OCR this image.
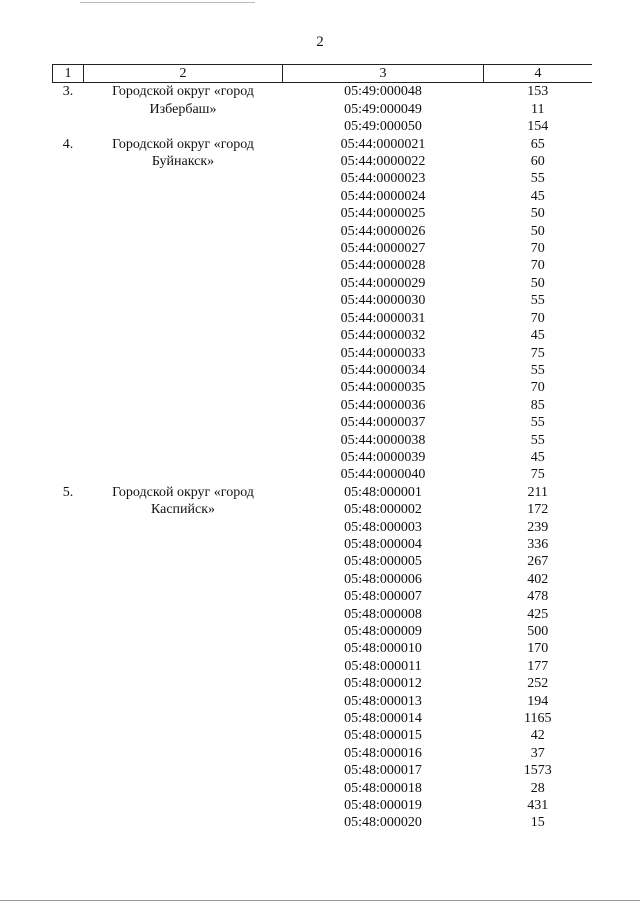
2
1	2	3	4
3.	Городской округ «город	05:49:000048	153
	Избербаш»	05:49:000049	11
		05:49:000050	154
4.	Городской округ «город	05:44:0000021	65
	Буйнакск»	05:44:0000022	60
		05:44:0000023	55
		05:44:0000024	45
		05:44:0000025	50
		05:44:0000026	50
		05:44:0000027	70
		05:44:0000028	70
		05:44:0000029	50
		05:44:0000030	55
		05:44:0000031	70
		05:44:0000032	45
		05:44:0000033	75
		05:44:0000034	55
		05:44:0000035	70
		05:44:0000036	85
		05:44:0000037	55
		05:44:0000038	55
		05:44:0000039	45
		05:44:0000040	75
5.	Городской округ «город	05:48:000001	211
	Каспийск»	05:48:000002	172
		05:48:000003	239
		05:48:000004	336
		05:48:000005	267
		05:48:000006	402
		05:48:000007	478
		05:48:000008	425
		05:48:000009	500
		05:48:000010	170
		05:48:000011	177
		05:48:000012	252
		05:48:000013	194
		05:48:000014	1165
		05:48:000015	42
		05:48:000016	37
		05:48:000017	1573
		05:48:000018	28
		05:48:000019	431
		05:48:000020	15
